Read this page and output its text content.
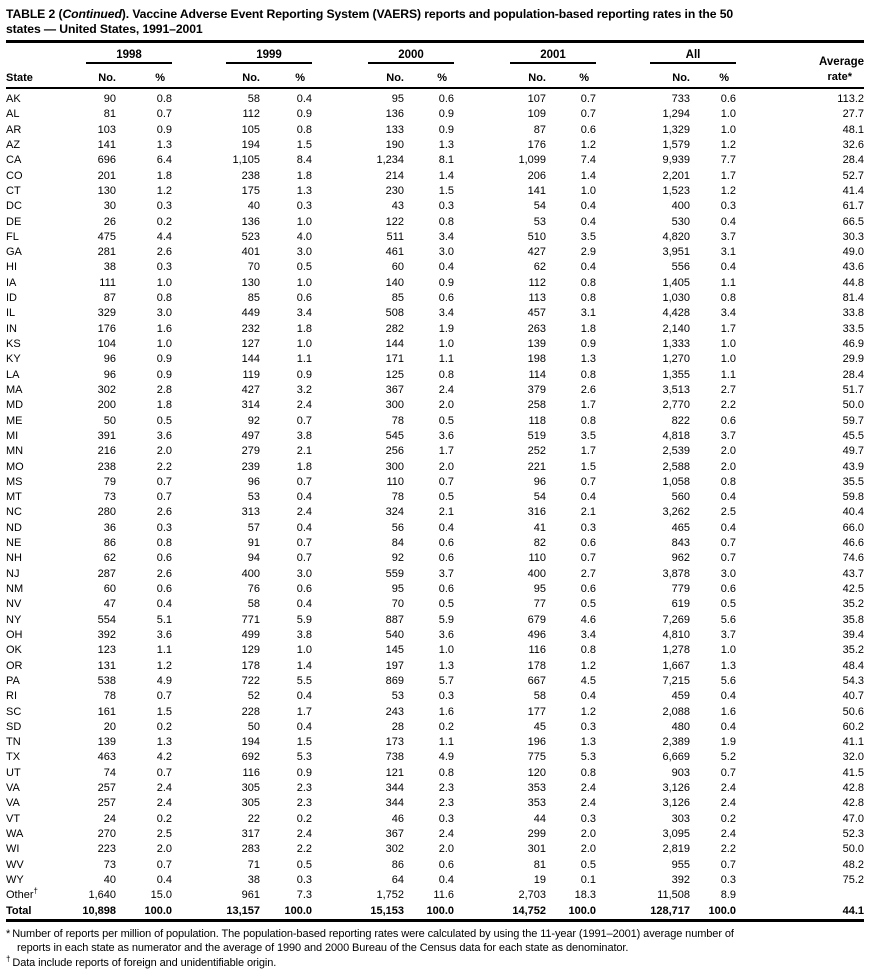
TABLE 2 (Continued). Vaccine Adverse Event Reporting System (VAERS) reports and population-based reporting rates in the 50
states — United States, 1991–2001
State	1998		1999		2000		2001		All		Average
rate*
	No.	%	No.	%	No.	%	No.	%	No.	%	
AK	90	0.8	58	0.4	95	0.6	107	0.7	733	0.6	113.2
AL	81	0.7	112	0.9	136	0.9	109	0.7	1,294	1.0	27.7
AR	103	0.9	105	0.8	133	0.9	87	0.6	1,329	1.0	48.1
AZ	141	1.3	194	1.5	190	1.3	176	1.2	1,579	1.2	32.6
CA	696	6.4	1,105	8.4	1,234	8.1	1,099	7.4	9,939	7.7	28.4
CO	201	1.8	238	1.8	214	1.4	206	1.4	2,201	1.7	52.7
CT	130	1.2	175	1.3	230	1.5	141	1.0	1,523	1.2	41.4
DC	30	0.3	40	0.3	43	0.3	54	0.4	400	0.3	61.7
DE	26	0.2	136	1.0	122	0.8	53	0.4	530	0.4	66.5
FL	475	4.4	523	4.0	511	3.4	510	3.5	4,820	3.7	30.3
GA	281	2.6	401	3.0	461	3.0	427	2.9	3,951	3.1	49.0
HI	38	0.3	70	0.5	60	0.4	62	0.4	556	0.4	43.6
IA	111	1.0	130	1.0	140	0.9	112	0.8	1,405	1.1	44.8
ID	87	0.8	85	0.6	85	0.6	113	0.8	1,030	0.8	81.4
IL	329	3.0	449	3.4	508	3.4	457	3.1	4,428	3.4	33.8
IN	176	1.6	232	1.8	282	1.9	263	1.8	2,140	1.7	33.5
KS	104	1.0	127	1.0	144	1.0	139	0.9	1,333	1.0	46.9
KY	96	0.9	144	1.1	171	1.1	198	1.3	1,270	1.0	29.9
LA	96	0.9	119	0.9	125	0.8	114	0.8	1,355	1.1	28.4
MA	302	2.8	427	3.2	367	2.4	379	2.6	3,513	2.7	51.7
MD	200	1.8	314	2.4	300	2.0	258	1.7	2,770	2.2	50.0
ME	50	0.5	92	0.7	78	0.5	118	0.8	822	0.6	59.7
MI	391	3.6	497	3.8	545	3.6	519	3.5	4,818	3.7	45.5
MN	216	2.0	279	2.1	256	1.7	252	1.7	2,539	2.0	49.7
MO	238	2.2	239	1.8	300	2.0	221	1.5	2,588	2.0	43.9
MS	79	0.7	96	0.7	110	0.7	96	0.7	1,058	0.8	35.5
MT	73	0.7	53	0.4	78	0.5	54	0.4	560	0.4	59.8
NC	280	2.6	313	2.4	324	2.1	316	2.1	3,262	2.5	40.4
ND	36	0.3	57	0.4	56	0.4	41	0.3	465	0.4	66.0
NE	86	0.8	91	0.7	84	0.6	82	0.6	843	0.7	46.6
NH	62	0.6	94	0.7	92	0.6	110	0.7	962	0.7	74.6
NJ	287	2.6	400	3.0	559	3.7	400	2.7	3,878	3.0	43.7
NM	60	0.6	76	0.6	95	0.6	95	0.6	779	0.6	42.5
NV	47	0.4	58	0.4	70	0.5	77	0.5	619	0.5	35.2
NY	554	5.1	771	5.9	887	5.9	679	4.6	7,269	5.6	35.8
OH	392	3.6	499	3.8	540	3.6	496	3.4	4,810	3.7	39.4
OK	123	1.1	129	1.0	145	1.0	116	0.8	1,278	1.0	35.2
OR	131	1.2	178	1.4	197	1.3	178	1.2	1,667	1.3	48.4
PA	538	4.9	722	5.5	869	5.7	667	4.5	7,215	5.6	54.3
RI	78	0.7	52	0.4	53	0.3	58	0.4	459	0.4	40.7
SC	161	1.5	228	1.7	243	1.6	177	1.2	2,088	1.6	50.6
SD	20	0.2	50	0.4	28	0.2	45	0.3	480	0.4	60.2
TN	139	1.3	194	1.5	173	1.1	196	1.3	2,389	1.9	41.1
TX	463	4.2	692	5.3	738	4.9	775	5.3	6,669	5.2	32.0
UT	74	0.7	116	0.9	121	0.8	120	0.8	903	0.7	41.5
VA	257	2.4	305	2.3	344	2.3	353	2.4	3,126	2.4	42.8
VA	257	2.4	305	2.3	344	2.3	353	2.4	3,126	2.4	42.8
VT	24	0.2	22	0.2	46	0.3	44	0.3	303	0.2	47.0
WA	270	2.5	317	2.4	367	2.4	299	2.0	3,095	2.4	52.3
WI	223	2.0	283	2.2	302	2.0	301	2.0	2,819	2.2	50.0
WV	73	0.7	71	0.5	86	0.6	81	0.5	955	0.7	48.2
WY	40	0.4	38	0.3	64	0.4	19	0.1	392	0.3	75.2
Other†	1,640	15.0	961	7.3	1,752	11.6	2,703	18.3	11,508	8.9	
Total	10,898	100.0	13,157	100.0	15,153	100.0	14,752	100.0	128,717	100.0	44.1

* Number of reports per million of population. The population-based reporting rates were calculated by using the 11-year (1991–2001) average number of
reports in each state as numerator and the average of 1990 and 2000 Bureau of the Census data for each state as denominator.

† Data include reports of foreign and unidentifiable origin.
